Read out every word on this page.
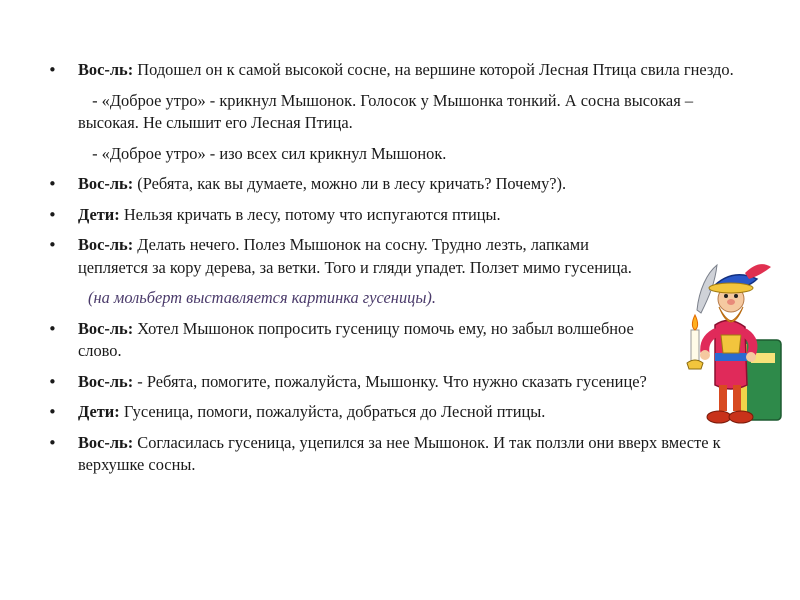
• Вос-ль: Подошел он к самой высокой сосне, на вершине которой Лесная Птица свила гнездо.

- «Доброе утро» - крикнул Мышонок. Голосок у Мышонка тонкий. А сосна высокая – высокая. Не слышит его Лесная Птица.

- «Доброе утро» - изо всех сил крикнул Мышонок.

• Вос-ль: (Ребята, как вы думаете, можно ли в лесу кричать? Почему?).

• Дети: Нельзя кричать в лесу, потому что испугаются птицы.

• Вос-ль: Делать нечего. Полез Мышонок на сосну. Трудно лезть, лапками цепляется за кору дерева, за ветки. Того и гляди упадет. Ползет мимо гусеница.

(на мольберт выставляется картинка гусеницы).

• Вос-ль: Хотел Мышонок попросить гусеницу помочь ему, но забыл волшебное слово.

• Вос-ль: - Ребята, помогите, пожалуйста, Мышонку. Что нужно сказать гусенице?

• Дети: Гусеница, помоги, пожалуйста, добраться до Лесной птицы.

• Вос-ль: Согласилась гусеница, уцепился за нее Мышонок. И так ползли они вверх вместе к верхушке сосны.
